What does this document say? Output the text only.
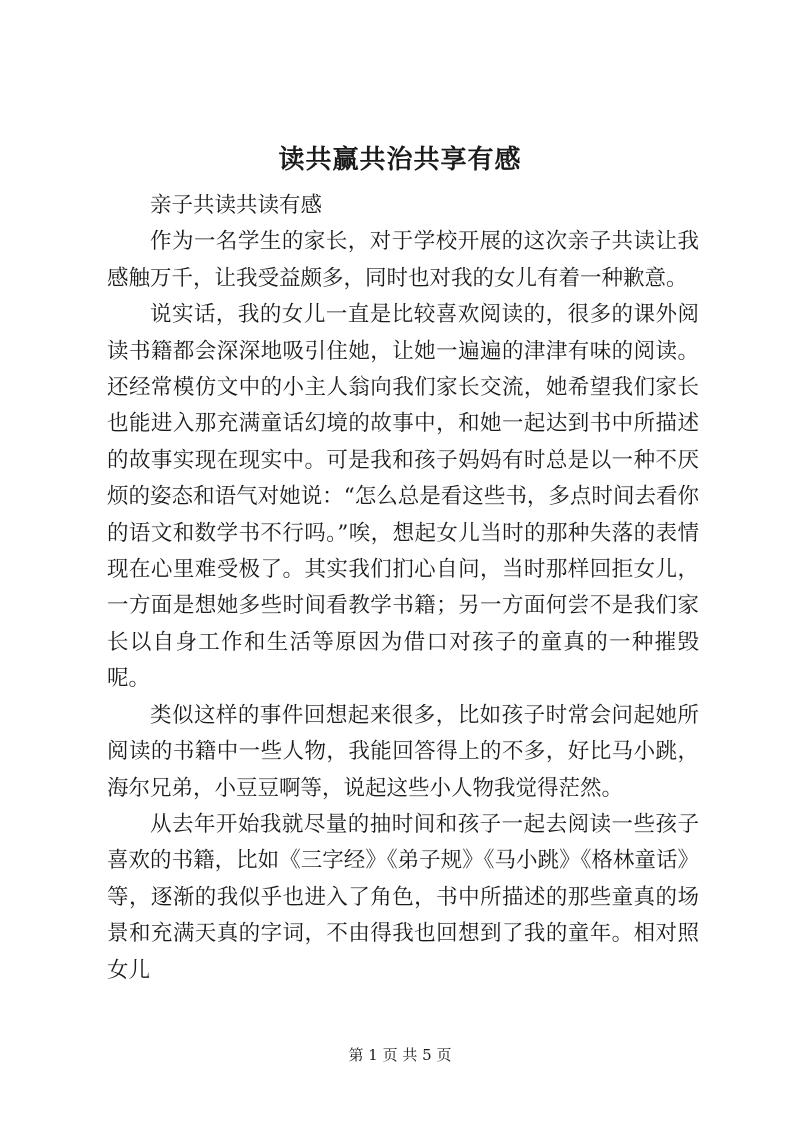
读共赢共治共享有感

亲子共读共读有感

作为一名学生的家长，对于学校开展的这次亲子共读让我感触万千，让我受益颇多，同时也对我的女儿有着一种歉意。

说实话，我的女儿一直是比较喜欢阅读的，很多的课外阅读书籍都会深深地吸引住她，让她一遍遍的津津有味的阅读。还经常模仿文中的小主人翁向我们家长交流，她希望我们家长也能进入那充满童话幻境的故事中，和她一起达到书中所描述的故事实现在现实中。可是我和孩子妈妈有时总是以一种不厌烦的姿态和语气对她说：“怎么总是看这些书，多点时间去看你的语文和数学书不行吗。”唉，想起女儿当时的那种失落的表情现在心里难受极了。其实我们扪心自问，当时那样回拒女儿，一方面是想她多些时间看教学书籍；另一方面何尝不是我们家长以自身工作和生活等原因为借口对孩子的童真的一种摧毁呢。

类似这样的事件回想起来很多，比如孩子时常会问起她所阅读的书籍中一些人物，我能回答得上的不多，好比马小跳，海尔兄弟，小豆豆啊等，说起这些小人物我觉得茫然。

从去年开始我就尽量的抽时间和孩子一起去阅读一些孩子喜欢的书籍，比如《三字经》《弟子规》《马小跳》《格林童话》等，逐渐的我似乎也进入了角色，书中所描述的那些童真的场景和充满天真的字词，不由得我也回想到了我的童年。相对照女儿

第 1 页 共 5 页
